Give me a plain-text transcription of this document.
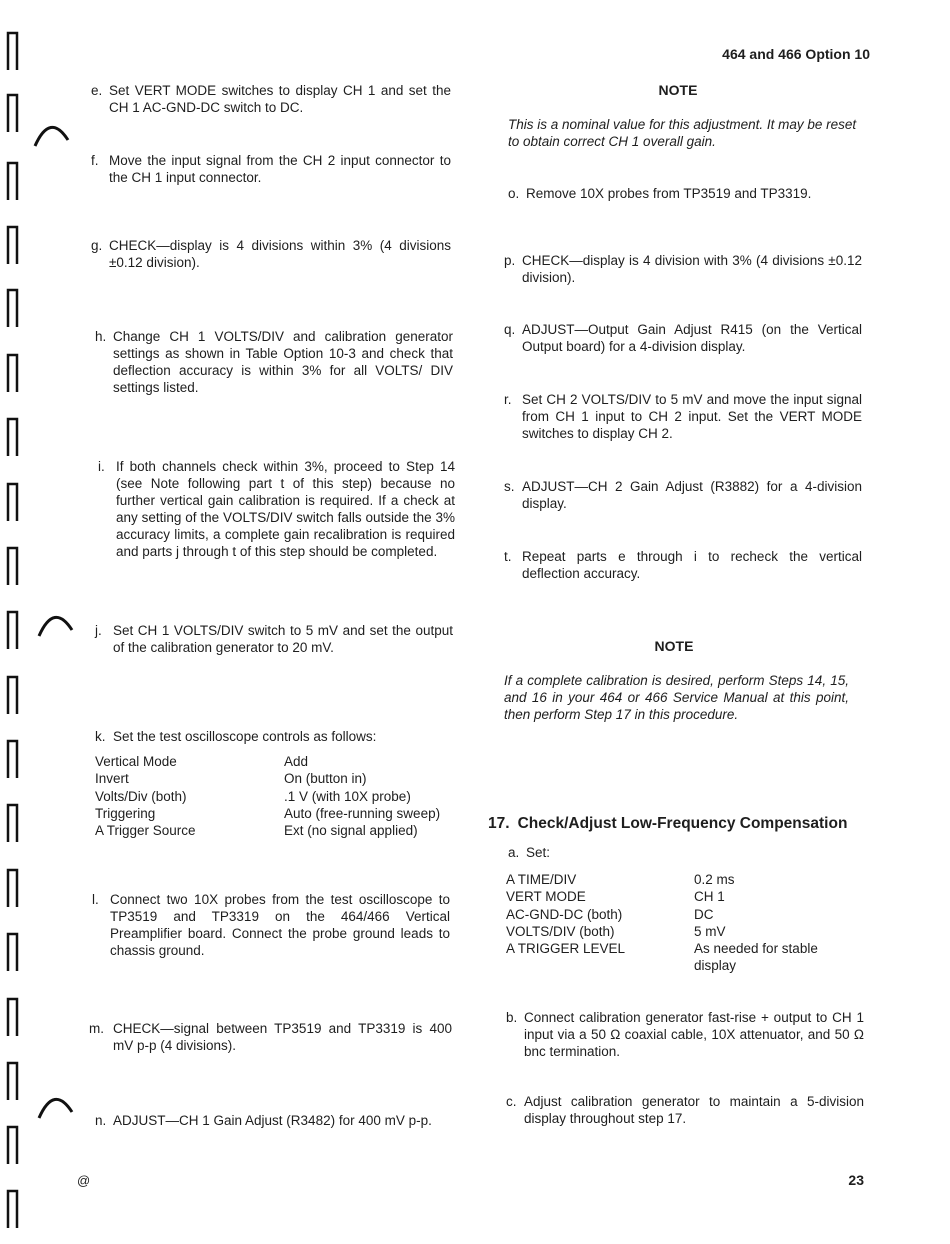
464 and 466 Option 10
e. Set VERT MODE switches to display CH 1 and set the CH 1 AC-GND-DC switch to DC.
f. Move the input signal from the CH 2 input connector to the CH 1 input connector.
g. CHECK—display is 4 divisions within 3% (4 divisions ±0.12 division).
h. Change CH 1 VOLTS/DIV and calibration generator settings as shown in Table Option 10-3 and check that deflection accuracy is within 3% for all VOLTS/ DIV settings listed.
i. If both channels check within 3%, proceed to Step 14 (see Note following part t of this step) because no further vertical gain calibration is required. If a check at any setting of the VOLTS/DIV switch falls outside the 3% accuracy limits, a complete gain recalibration is required and parts j through t of this step should be completed.
j. Set CH 1 VOLTS/DIV switch to 5 mV and set the output of the calibration generator to 20 mV.
k. Set the test oscilloscope controls as follows:
Vertical Mode	Add
Invert	On (button in)
Volts/Div (both)	.1 V (with 10X probe)
Triggering	Auto (free-running sweep)
A Trigger Source	Ext (no signal applied)
l. Connect two 10X probes from the test oscilloscope to TP3519 and TP3319 on the 464/466 Vertical Preamplifier board. Connect the probe ground leads to chassis ground.
m. CHECK—signal between TP3519 and TP3319 is 400 mV p-p (4 divisions).
n. ADJUST—CH 1 Gain Adjust (R3482) for 400 mV p-p.
NOTE
This is a nominal value for this adjustment. It may be reset to obtain correct CH 1 overall gain.
o. Remove 10X probes from TP3519 and TP3319.
p. CHECK—display is 4 division with 3% (4 divisions ±0.12 division).
q. ADJUST—Output Gain Adjust R415 (on the Vertical Output board) for a 4-division display.
r. Set CH 2 VOLTS/DIV to 5 mV and move the input signal from CH 1 input to CH 2 input. Set the VERT MODE switches to display CH 2.
s. ADJUST—CH 2 Gain Adjust (R3882) for a 4-division display.
t. Repeat parts e through i to recheck the vertical deflection accuracy.
NOTE
If a complete calibration is desired, perform Steps 14, 15, and 16 in your 464 or 466 Service Manual at this point, then perform Step 17 in this procedure.
17. Check/Adjust Low-Frequency Compensation
a. Set:
A TIME/DIV	0.2 ms
VERT MODE	CH 1
AC-GND-DC (both)	DC
VOLTS/DIV (both)	5 mV
A TRIGGER LEVEL	As needed for stable display
b. Connect calibration generator fast-rise + output to CH 1 input via a 50 Ω coaxial cable, 10X attenuator, and 50 Ω bnc termination.
c. Adjust calibration generator to maintain a 5-division display throughout step 17.
@	23
